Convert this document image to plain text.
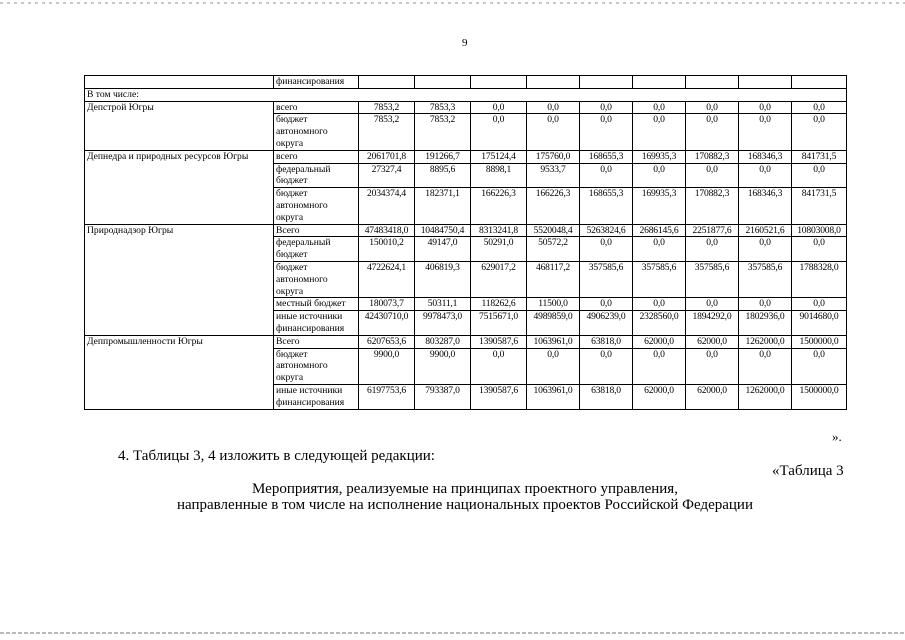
9
	финансирования									
В том числе:										
Депстрой Югры	всего	7853,2	7853,3	0,0	0,0	0,0	0,0	0,0	0,0	0,0
	бюджет автономного округа	7853,2	7853,2	0,0	0,0	0,0	0,0	0,0	0,0	0,0
Депнедра и природных ресурсов Югры	всего	2061701,8	191266,7	175124,4	175760,0	168655,3	169935,3	170882,3	168346,3	841731,5
	федеральный бюджет	27327,4	8895,6	8898,1	9533,7	0,0	0,0	0,0	0,0	0,0
	бюджет автономного округа	2034374,4	182371,1	166226,3	166226,3	168655,3	169935,3	170882,3	168346,3	841731,5
Природнадзор Югры	Всего	47483418,0	10484750,4	8313241,8	5520048,4	5263824,6	2686145,6	2251877,6	2160521,6	10803008,0
	федеральный бюджет	150010,2	49147,0	50291,0	50572,2	0,0	0,0	0,0	0,0	0,0
	бюджет автономного округа	4722624,1	406819,3	629017,2	468117,2	357585,6	357585,6	357585,6	357585,6	1788328,0
	местный бюджет	180073,7	50311,1	118262,6	11500,0	0,0	0,0	0,0	0,0	0,0
	иные источники финансирования	42430710,0	9978473,0	7515671,0	4989859,0	4906239,0	2328560,0	1894292,0	1802936,0	9014680,0
Деппромышленности Югры	Всего	6207653,6	803287,0	1390587,6	1063961,0	63818,0	62000,0	62000,0	1262000,0	1500000,0
	бюджет автономного округа	9900,0	9900,0	0,0	0,0	0,0	0,0	0,0	0,0	0,0
	иные источники финансирования	6197753,6	793387,0	1390587,6	1063961,0	63818,0	62000,0	62000,0	1262000,0	1500000,0
».
4. Таблицы 3, 4 изложить в следующей редакции:
«Таблица 3
Мероприятия, реализуемые на принципах проектного управления,
направленные в том числе на исполнение национальных проектов Российской Федерации
